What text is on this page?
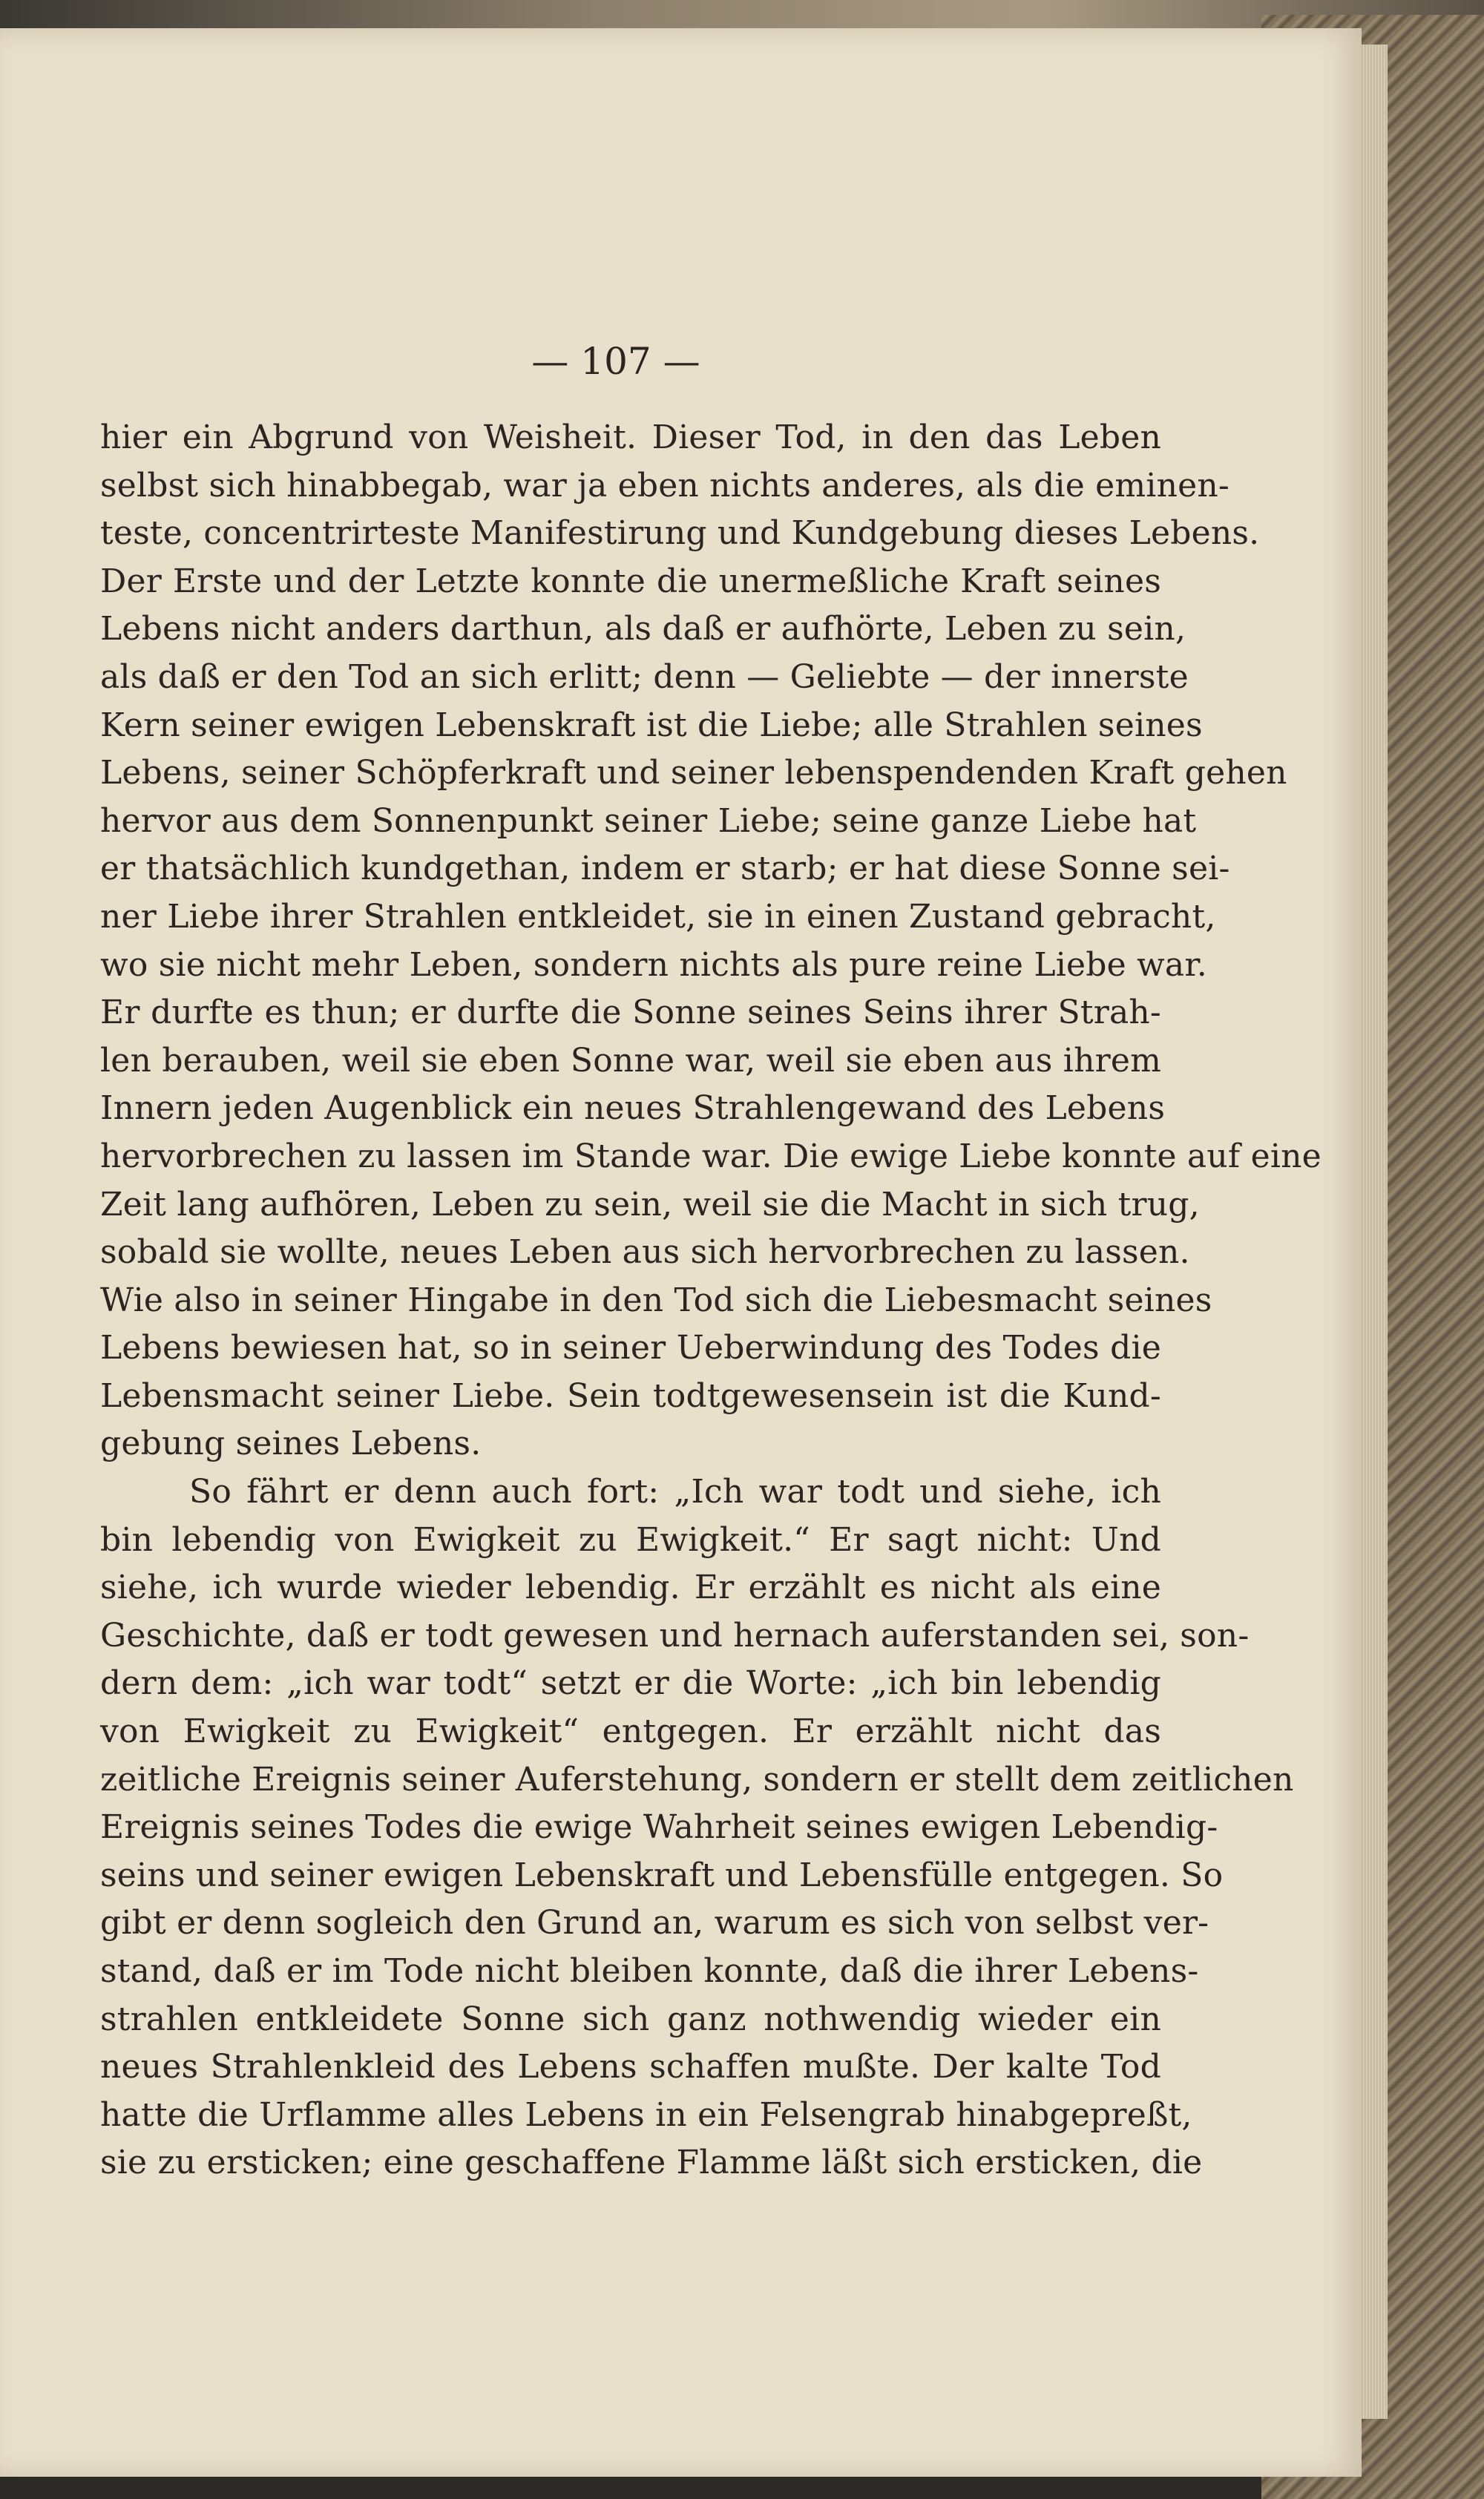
— 107 —
hier ein Abgrund von Weisheit. Dieser Tod, in den das Leben
selbst sich hinabbegab, war ja eben nichts anderes, als die eminen-
teste, concentrirteste Manifestirung und Kundgebung dieses Lebens.
Der Erste und der Letzte konnte die unermeßliche Kraft seines
Lebens nicht anders darthun, als daß er aufhörte, Leben zu sein,
als daß er den Tod an sich erlitt; denn — Geliebte — der innerste
Kern seiner ewigen Lebenskraft ist die Liebe; alle Strahlen seines
Lebens, seiner Schöpferkraft und seiner lebenspendenden Kraft gehen
hervor aus dem Sonnenpunkt seiner Liebe; seine ganze Liebe hat
er thatsächlich kundgethan, indem er starb; er hat diese Sonne sei-
ner Liebe ihrer Strahlen entkleidet, sie in einen Zustand gebracht,
wo sie nicht mehr Leben, sondern nichts als pure reine Liebe war.
Er durfte es thun; er durfte die Sonne seines Seins ihrer Strah-
len berauben, weil sie eben Sonne war, weil sie eben aus ihrem
Innern jeden Augenblick ein neues Strahlengewand des Lebens
hervorbrechen zu lassen im Stande war. Die ewige Liebe konnte auf eine
Zeit lang aufhören, Leben zu sein, weil sie die Macht in sich trug,
sobald sie wollte, neues Leben aus sich hervorbrechen zu lassen.
Wie also in seiner Hingabe in den Tod sich die Liebesmacht seines
Lebens bewiesen hat, so in seiner Ueberwindung des Todes die
Lebensmacht seiner Liebe. Sein todtgewesensein ist die Kund-
gebung seines Lebens.
So fährt er denn auch fort: „Ich war todt und siehe, ich
bin lebendig von Ewigkeit zu Ewigkeit.“ Er sagt nicht: Und
siehe, ich wurde wieder lebendig. Er erzählt es nicht als eine
Geschichte, daß er todt gewesen und hernach auferstanden sei, son-
dern dem: „ich war todt“ setzt er die Worte: „ich bin lebendig
von Ewigkeit zu Ewigkeit“ entgegen. Er erzählt nicht das
zeitliche Ereignis seiner Auferstehung, sondern er stellt dem zeitlichen
Ereignis seines Todes die ewige Wahrheit seines ewigen Lebendig-
seins und seiner ewigen Lebenskraft und Lebensfülle entgegen. So
gibt er denn sogleich den Grund an, warum es sich von selbst ver-
stand, daß er im Tode nicht bleiben konnte, daß die ihrer Lebens-
strahlen entkleidete Sonne sich ganz nothwendig wieder ein
neues Strahlenkleid des Lebens schaffen mußte. Der kalte Tod
hatte die Urflamme alles Lebens in ein Felsengrab hinabgepreßt,
sie zu ersticken; eine geschaffene Flamme läßt sich ersticken, die
